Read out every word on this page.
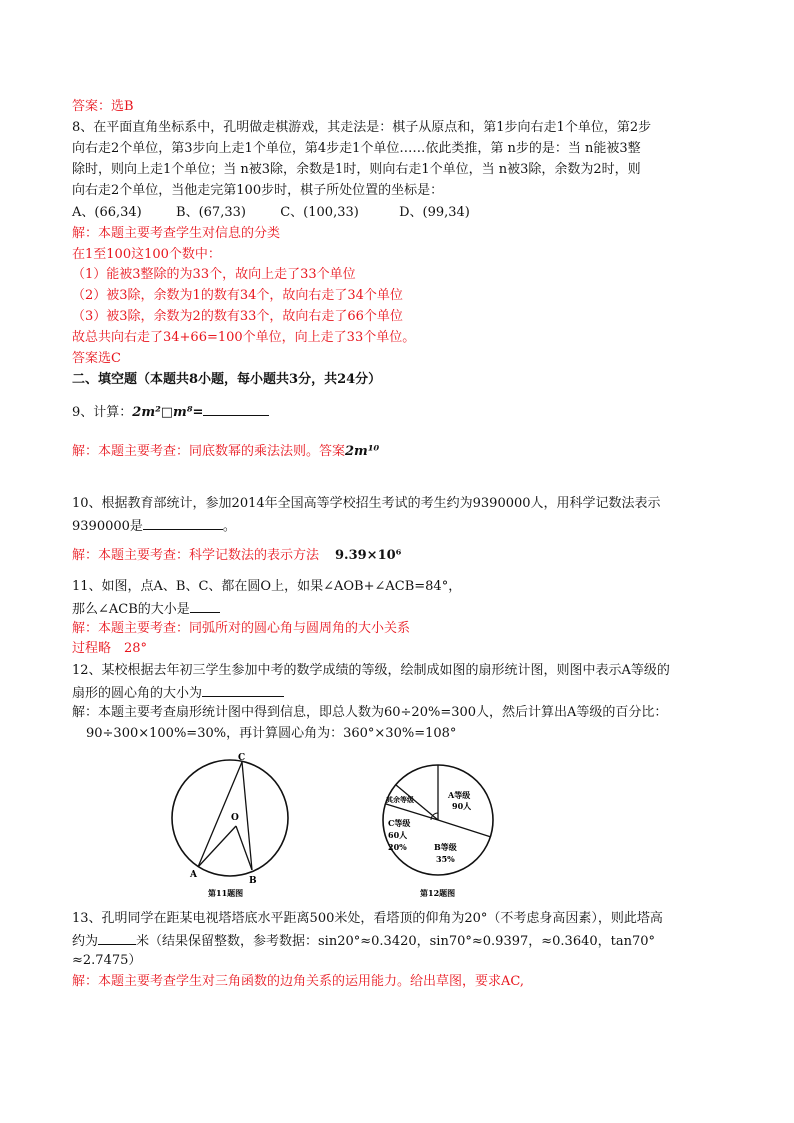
答案：选B
8、在平面直角坐标系中，孔明做走棋游戏，其走法是：棋子从原点和，第1步向右走1个单位，第2步
向右走2个单位，第3步向上走1个单位，第4步走1个单位……依此类推，第 n步的是：当 n能被3整
除时，则向上走1个单位；当 n被3除，余数是1时，则向右走1个单位，当 n被3除，余数为2时，则
向右走2个单位，当他走完第100步时，棋子所处位置的坐标是：
A、(66,34)	B、(67,33)	C、(100,33)	D、(99,34)
解：本题主要考查学生对信息的分类
在1至100这100个数中：
（1）能被3整除的为33个，故向上走了33个单位
（2）被3除，余数为1的数有34个，故向右走了34个单位
（3）被3除，余数为2的数有33个，故向右走了66个单位
故总共向右走了34+66=100个单位，向上走了33个单位。
答案选C
二、填空题（本题共8小题，每小题共3分，共24分）
9、计算：2m²□m⁸=
解：本题主要考查：同底数幂的乘法法则。答案2m¹⁰
10、根据教育部统计，参加2014年全国高等学校招生考试的考生约为9390000人，用科学记数法表示
9390000是	。
解：本题主要考查：科学记数法的表示方法 9.39×10⁶
11、如图，点A、B、C、都在圆O上，如果∠AOB+∠ACB=84°，
那么∠ACB的大小是
解：本题主要考查：同弧所对的圆心角与圆周角的大小关系
过程略　28°
12、某校根据去年初三学生参加中考的数学成绩的等级，绘制成如图的扇形统计图，则图中表示A等级的
扇形的圆心角的大小为
解：本题主要考查扇形统计图中得到信息，即总人数为60÷20%=300人，然后计算出A等级的百分比：
90÷300×100%=30%，再计算圆心角为：360°×30%=108°
C
O
A
B
第11题图
A等级
90人
其余等级
C等级
60人
20%	B等级
35%
第12题图
13、孔明同学在距某电视塔塔底水平距离500米处，看塔顶的仰角为20°（不考虑身高因素），则此塔高
约为	米（结果保留整数，参考数据：sin20°≈0.3420，sin70°≈0.9397，≈0.3640，tan70°
≈2.7475）
解：本题主要考查学生对三角函数的边角关系的运用能力。给出草图，要求AC,
